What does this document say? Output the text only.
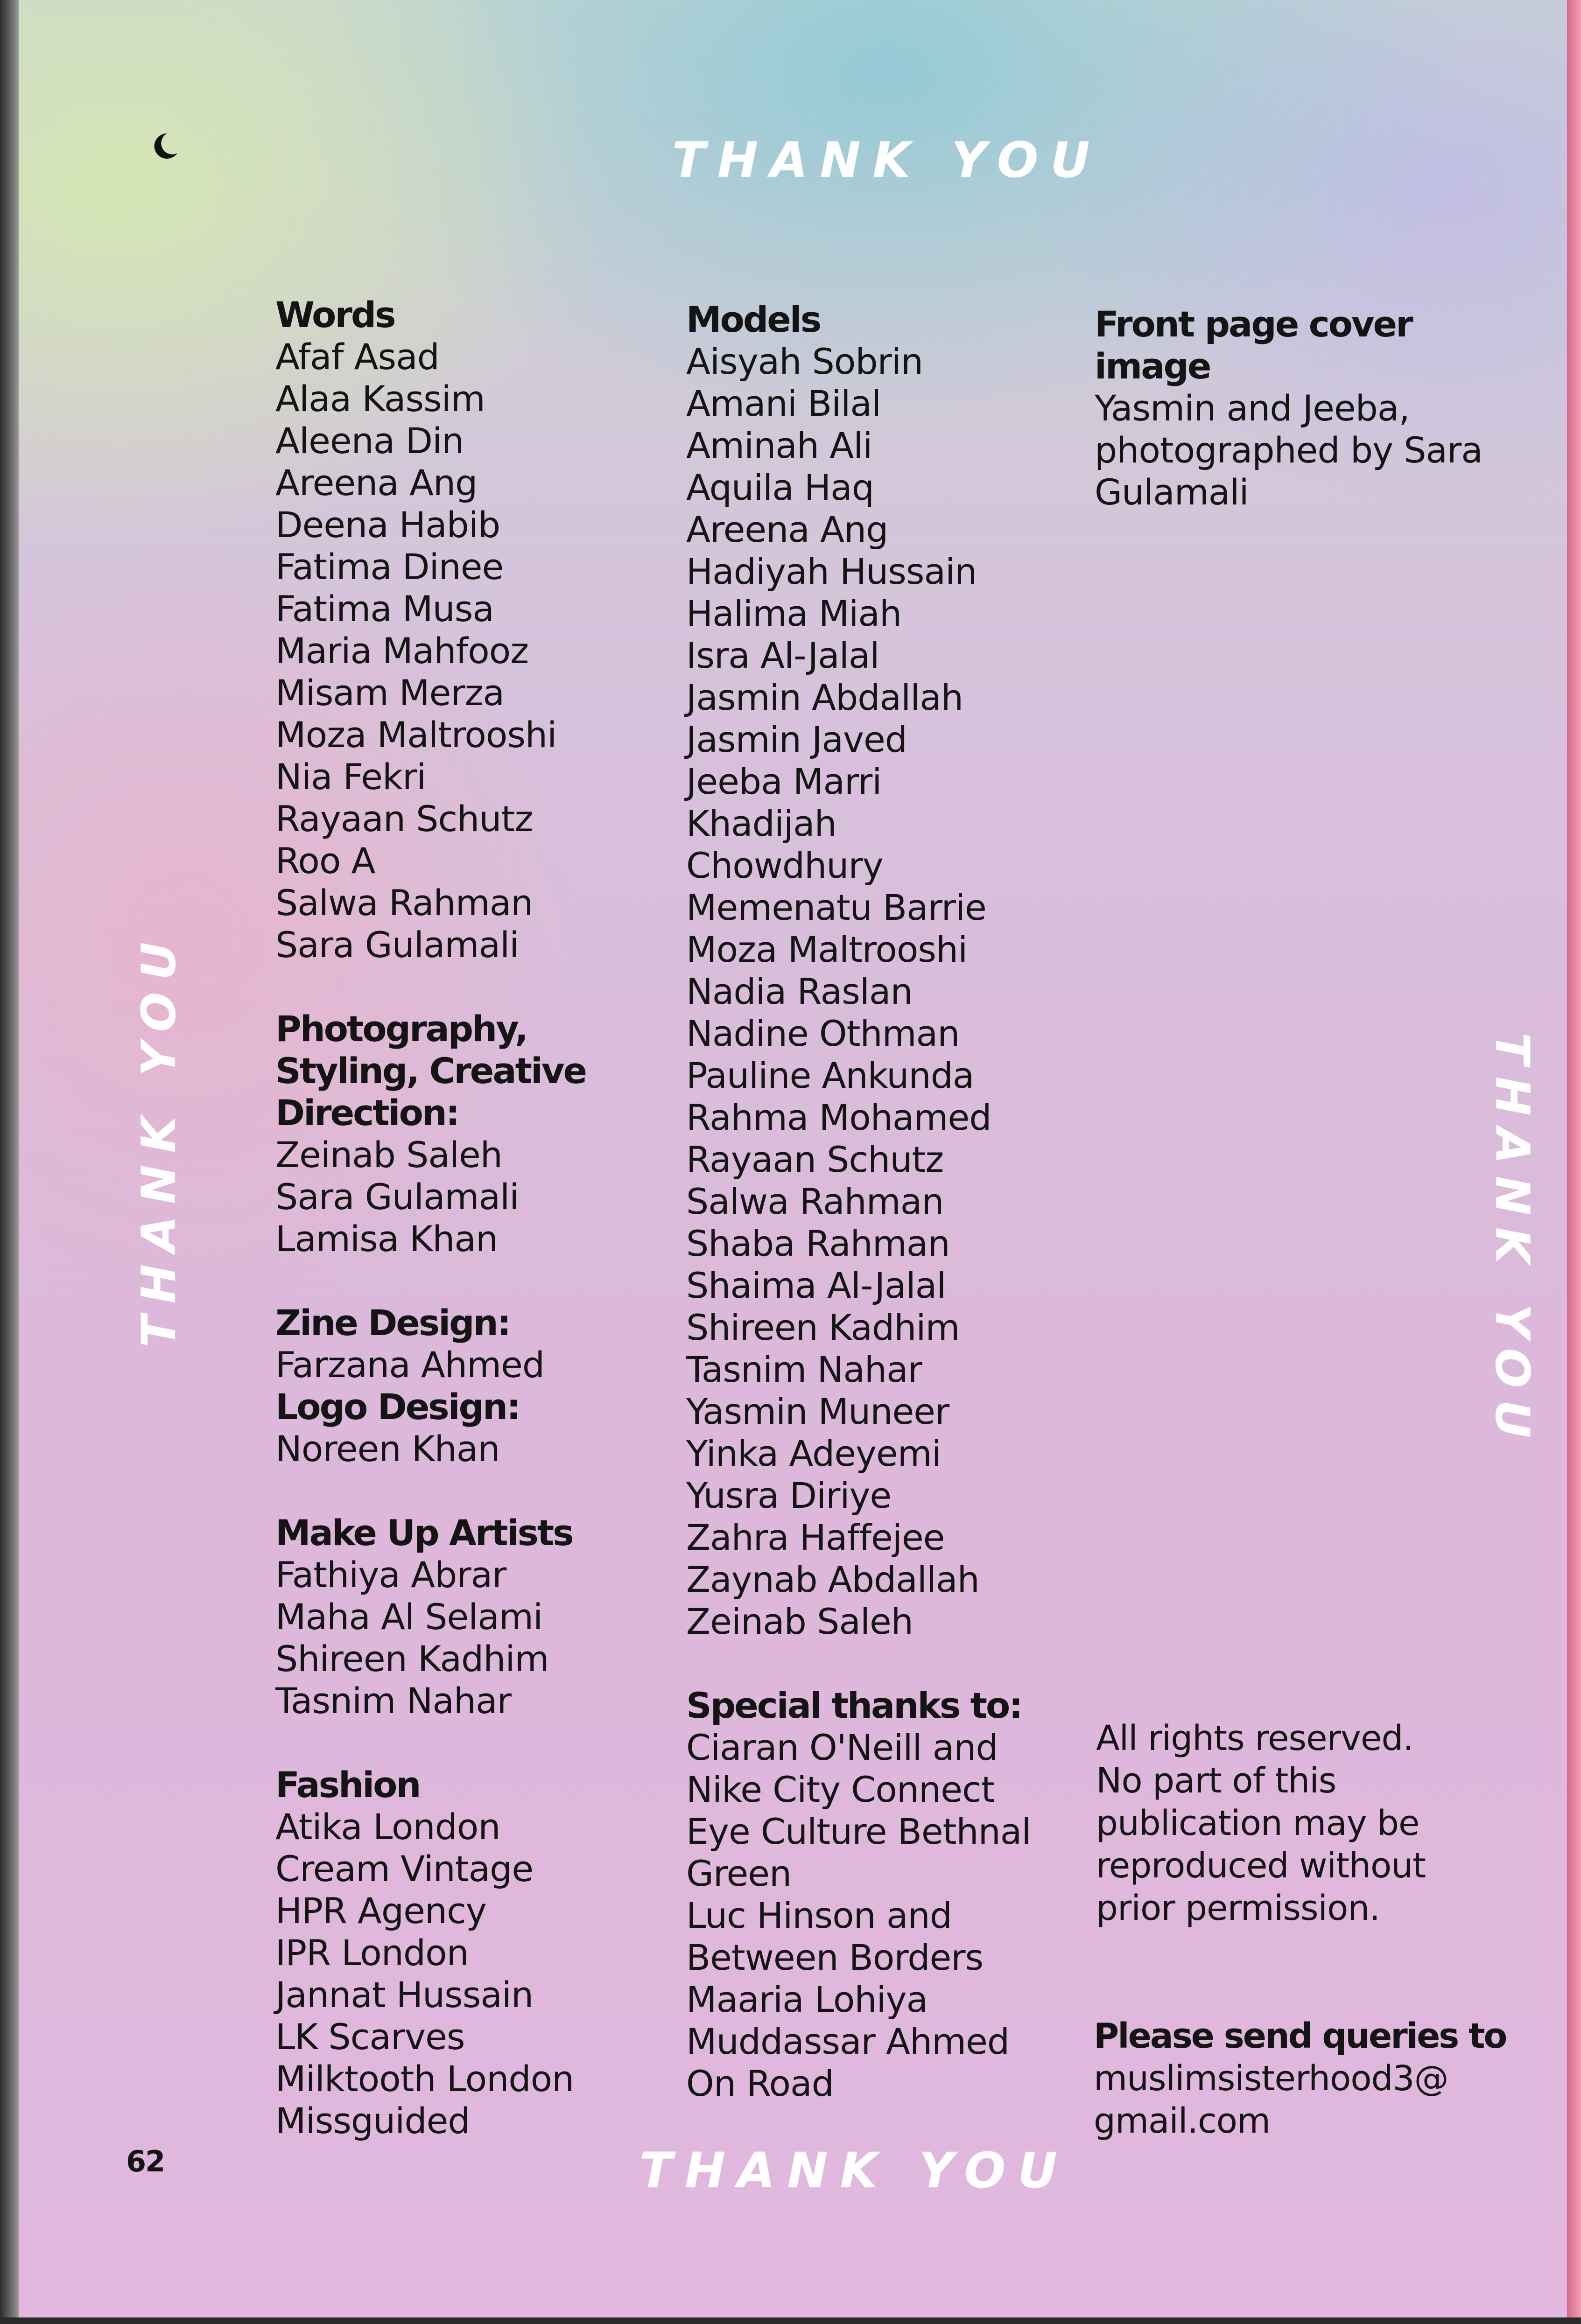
THANK YOU
THANK YOU
THANK YOU	THANK YOU
Words
Afaf Asad
Alaa Kassim
Aleena Din
Areena Ang
Deena Habib
Fatima Dinee
Fatima Musa
Maria Mahfooz
Misam Merza
Moza Maltrooshi
Nia Fekri
Rayaan Schutz
Roo A
Salwa Rahman
Sara Gulamali
Photography,
Styling, Creative
Direction:
Zeinab Saleh
Sara Gulamali
Lamisa Khan
Zine Design:
Farzana Ahmed
Logo Design:
Noreen Khan
Make Up Artists
Fathiya Abrar
Maha Al Selami
Shireen Kadhim
Tasnim Nahar
Fashion
Atika London
Cream Vintage
HPR Agency
IPR London
Jannat Hussain
LK Scarves
Milktooth London
Missguided
Models
Aisyah Sobrin
Amani Bilal
Aminah Ali
Aquila Haq
Areena Ang
Hadiyah Hussain
Halima Miah
Isra Al-Jalal
Jasmin Abdallah
Jasmin Javed
Jeeba Marri
Khadijah
Chowdhury
Memenatu Barrie
Moza Maltrooshi
Nadia Raslan
Nadine Othman
Pauline Ankunda
Rahma Mohamed
Rayaan Schutz
Salwa Rahman
Shaba Rahman
Shaima Al-Jalal
Shireen Kadhim
Tasnim Nahar
Yasmin Muneer
Yinka Adeyemi
Yusra Diriye
Zahra Haffejee
Zaynab Abdallah
Zeinab Saleh
Special thanks to:
Ciaran O'Neill and
Nike City Connect
Eye Culture Bethnal
Green
Luc Hinson and
Between Borders
Maaria Lohiya
Muddassar Ahmed
On Road
Front page cover
image
Yasmin and Jeeba,
photographed by Sara
Gulamali
All rights reserved.
No part of this
publication may be
reproduced without
prior permission.
Please send queries to
muslimsisterhood3@
gmail.com
62
